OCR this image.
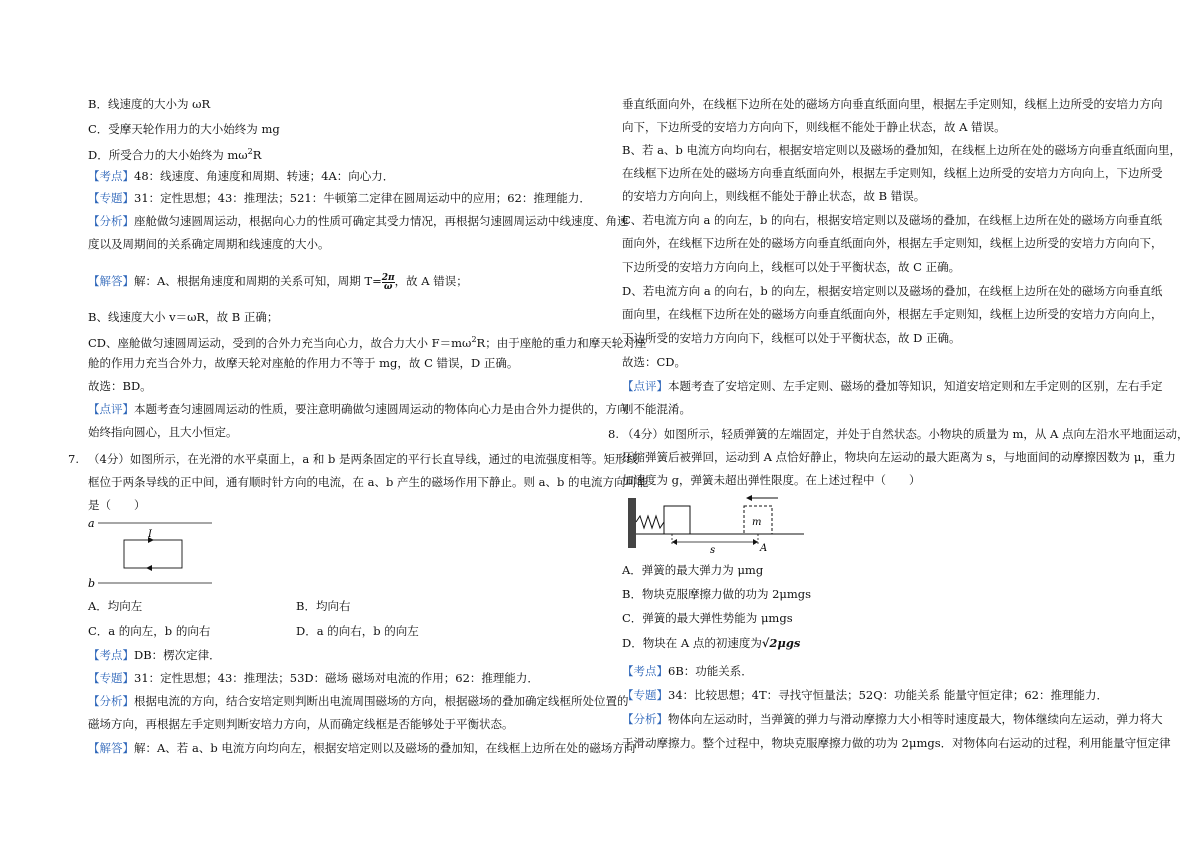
B．线速度的大小为 ωR
C．受摩天轮作用力的大小始终为 mg
D．所受合力的大小始终为 $m\omega^2R$
【考点】48：线速度、角速度和周期、转速；4A：向心力．
【专题】31：定性思想；43：推理法；521：牛顿第二定律在圆周运动中的应用；62：推理能力．
【分析】座舱做匀速圆周运动，根据向心力的性质可确定其受力情况，再根据匀速圆周运动中线速度、角速
度以及周期间的关系确定周期和线速度的大小。
【解答】解：A、根据角速度和周期的关系可知，周期 $T= \frac{2\pi}{\omega}$ ，故 A 错误；
B、线速度大小 v＝ωR，故 B 正确；
CD、座舱做匀速圆周运动，受到的合外力充当向心力，故合力大小 $F=m\omega^2R$；由于座舱的重力和摩天轮对座
舱的作用力充当合外力，故摩天轮对座舱的作用力不等于 mg，故 C 错误，D 正确。
故选：BD。
【点评】本题考查匀速圆周运动的性质，要注意明确做匀速圆周运动的物体向心力是由合外力提供的，方向
始终指向圆心，且大小恒定。
7. （4分）如图所示，在光滑的水平桌面上，a 和 b 是两条固定的平行长直导线，通过的电流强度相等。矩形线
框位于两条导线的正中间，通有顺时针方向的电流，在 a、b 产生的磁场作用下静止。则 a、b 的电流方向可能
是（　　）
a
b
I
A．均向左	B．均向右
C．a 的向左，b 的向右	D．a 的向右，b 的向左
【考点】DB：楞次定律．
【专题】31：定性思想；43：推理法；53D：磁场 磁场对电流的作用；62：推理能力．
【分析】根据电流的方向，结合安培定则判断出电流周围磁场的方向，根据磁场的叠加确定线框所处位置的
磁场方向，再根据左手定则判断安培力方向，从而确定线框是否能够处于平衡状态。
【解答】解：A、若 a、b 电流方向均向左，根据安培定则以及磁场的叠加知，在线框上边所在处的磁场方向
垂直纸面向外，在线框下边所在处的磁场方向垂直纸面向里，根据左手定则知，线框上边所受的安培力方向
向下，下边所受的安培力方向向下，则线框不能处于静止状态，故 A 错误。
B、若 a、b 电流方向均向右，根据安培定则以及磁场的叠加知，在线框上边所在处的磁场方向垂直纸面向里，
在线框下边所在处的磁场方向垂直纸面向外，根据左手定则知，线框上边所受的安培力方向向上，下边所受
的安培力方向向上，则线框不能处于静止状态，故 B 错误。
C、若电流方向 a 的向左，b 的向右，根据安培定则以及磁场的叠加，在线框上边所在处的磁场方向垂直纸
面向外，在线框下边所在处的磁场方向垂直纸面向外，根据左手定则知，线框上边所受的安培力方向向下，
下边所受的安培力方向向上，线框可以处于平衡状态，故 C 正确。
D、若电流方向 a 的向右，b 的向左，根据安培定则以及磁场的叠加，在线框上边所在处的磁场方向垂直纸
面向里，在线框下边所在处的磁场方向垂直纸面向外，根据左手定则知，线框上边所受的安培力方向向上，
下边所受的安培力方向向下，线框可以处于平衡状态，故 D 正确。
故选：CD。
【点评】本题考查了安培定则、左手定则、磁场的叠加等知识，知道安培定则和左手定则的区别，左右手定
则不能混淆。
8. （4分）如图所示，轻质弹簧的左端固定，并处于自然状态。小物块的质量为 m，从 A 点向左沿水平地面运动，
压缩弹簧后被弹回，运动到 A 点恰好静止，物块向左运动的最大距离为 s，与地面间的动摩擦因数为 μ，重力
加速度为 g，弹簧未超出弹性限度。在上述过程中（　　）
m
s	A
A．弹簧的最大弹力为 μmg
B．物块克服摩擦力做的功为 2μmgs
C．弹簧的最大弹性势能为 μmgs
D．物块在 A 点的初速度为√2μgs
【考点】6B：功能关系．
【专题】34：比较思想；4T：寻找守恒量法；52Q：功能关系 能量守恒定律；62：推理能力．
【分析】物体向左运动时，当弹簧的弹力与滑动摩擦力大小相等时速度最大，物体继续向左运动，弹力将大
于滑动摩擦力。整个过程中，物块克服摩擦力做的功为 2μmgs．对物体向右运动的过程，利用能量守恒定律
